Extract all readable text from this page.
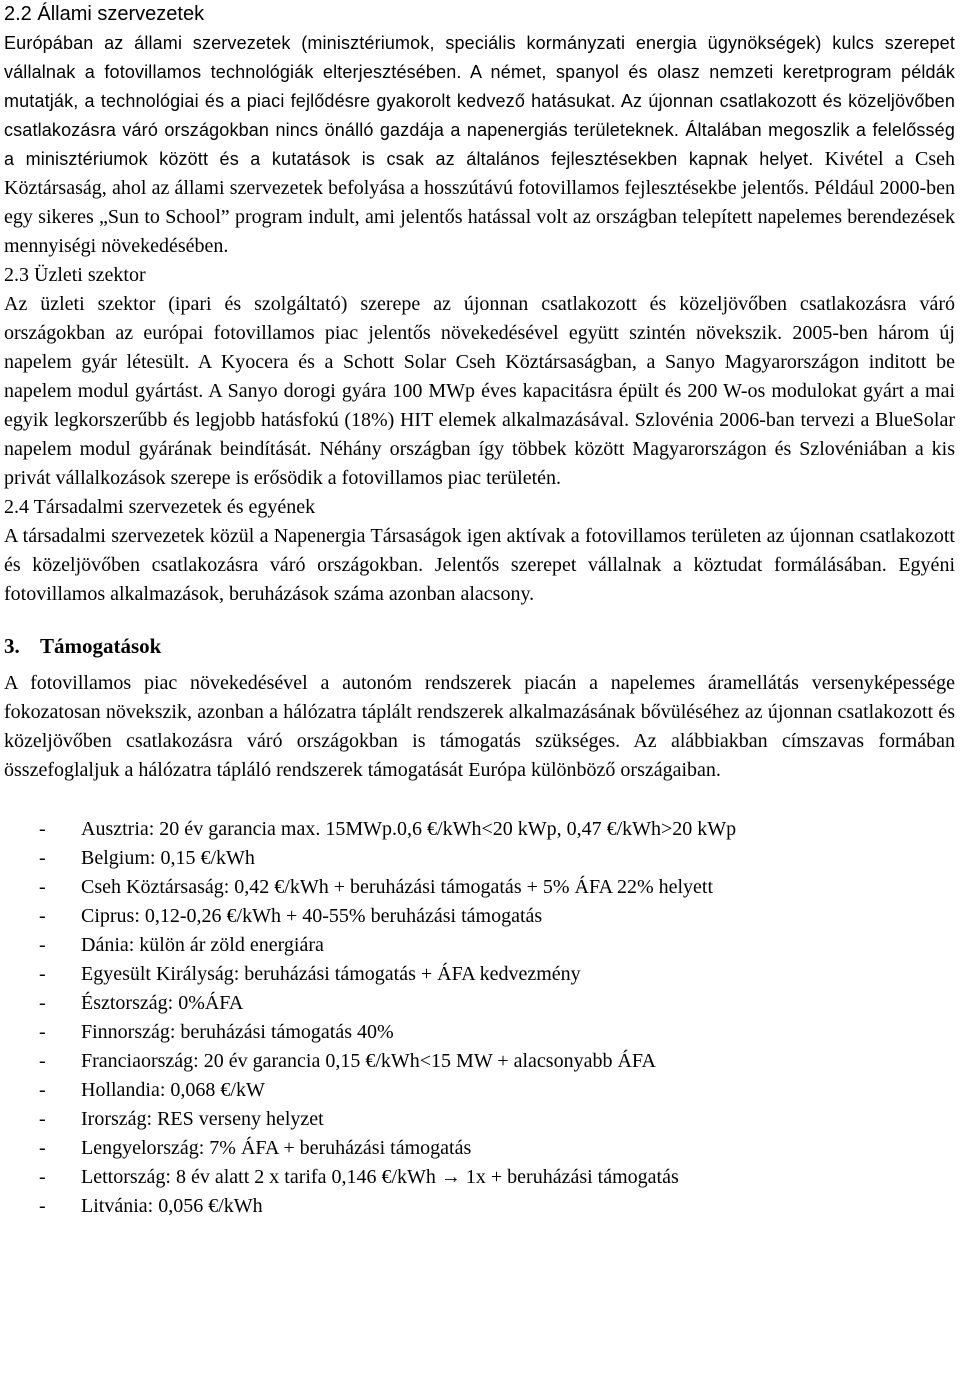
2.2 Állami szervezetek

Európában az állami szervezetek (minisztériumok, speciális kormányzati energia ügynökségek) kulcs szerepet vállalnak a fotovillamos technológiák elterjesztésében. A német, spanyol és olasz nemzeti keretprogram példák mutatják, a technológiai és a piaci fejlődésre gyakorolt kedvező hatásukat. Az újonnan csatlakozott és közeljövőben csatlakozásra váró országokban nincs önálló gazdája a napenergiás területeknek. Általában megoszlik a felelősség a minisztériumok között és a kutatások is csak az általános fejlesztésekben kapnak helyet. Kivétel a Cseh Köztársaság, ahol az állami szervezetek befolyása a hosszútávú fotovillamos fejlesztésekbe jelentős. Például 2000-ben egy sikeres „Sun to School” program indult, ami jelentős hatással volt az országban telepített napelemes berendezések mennyiségi növekedésében.

2.3 Üzleti szektor

Az üzleti szektor (ipari és szolgáltató) szerepe az újonnan csatlakozott és közeljövőben csatlakozásra váró országokban az európai fotovillamos piac jelentős növekedésével együtt szintén növekszik. 2005-ben három új napelem gyár létesült. A Kyocera és a Schott Solar Cseh Köztársaságban, a Sanyo Magyarországon inditott be napelem modul gyártást. A Sanyo dorogi gyára 100 MWp éves kapacitásra épült és 200 W-os modulokat gyárt a mai egyik legkorszerűbb és legjobb hatásfokú (18%) HIT elemek alkalmazásával. Szlovénia 2006-ban tervezi a BlueSolar napelem modul gyárának beindítását. Néhány országban így többek között Magyarországon és Szlovéniában a kis privát vállalkozások szerepe is erősödik a fotovillamos piac területén.

2.4 Társadalmi szervezetek és egyének

A társadalmi szervezetek közül a Napenergia Társaságok igen aktívak a fotovillamos területen az újonnan csatlakozott és közeljövőben csatlakozásra váró országokban. Jelentős szerepet vállalnak a köztudat formálásában. Egyéni fotovillamos alkalmazások, beruházások száma azonban alacsony.

3. Támogatások

A fotovillamos piac növekedésével a autonóm rendszerek piacán a napelemes áramellátás versenyképessége fokozatosan növekszik, azonban a hálózatra táplált rendszerek alkalmazásának bővüléséhez az újonnan csatlakozott és közeljövőben csatlakozásra váró országokban is támogatás szükséges. Az alábbiakban címszavas formában összefoglaljuk a hálózatra tápláló rendszerek támogatását Európa különböző országaiban.

- Ausztria: 20 év garancia max. 15MWp.0,6 €/kWh<20 kWp, 0,47 €/kWh>20 kWp
- Belgium: 0,15 €/kWh
- Cseh Köztársaság: 0,42 €/kWh + beruházási támogatás + 5% ÁFA 22% helyett
- Ciprus: 0,12-0,26 €/kWh + 40-55% beruházási támogatás
- Dánia: külön ár zöld energiára
- Egyesült Királyság: beruházási támogatás + ÁFA kedvezmény
- Észtország: 0%ÁFA
- Finnország: beruházási támogatás 40%
- Franciaország: 20 év garancia 0,15 €/kWh<15 MW + alacsonyabb ÁFA
- Hollandia: 0,068 €/kW
- Irország: RES verseny helyzet
- Lengyelország: 7% ÁFA + beruházási támogatás
- Lettország: 8 év alatt 2 x tarifa 0,146 €/kWh → 1x + beruházási támogatás
- Litvánia: 0,056 €/kWh
